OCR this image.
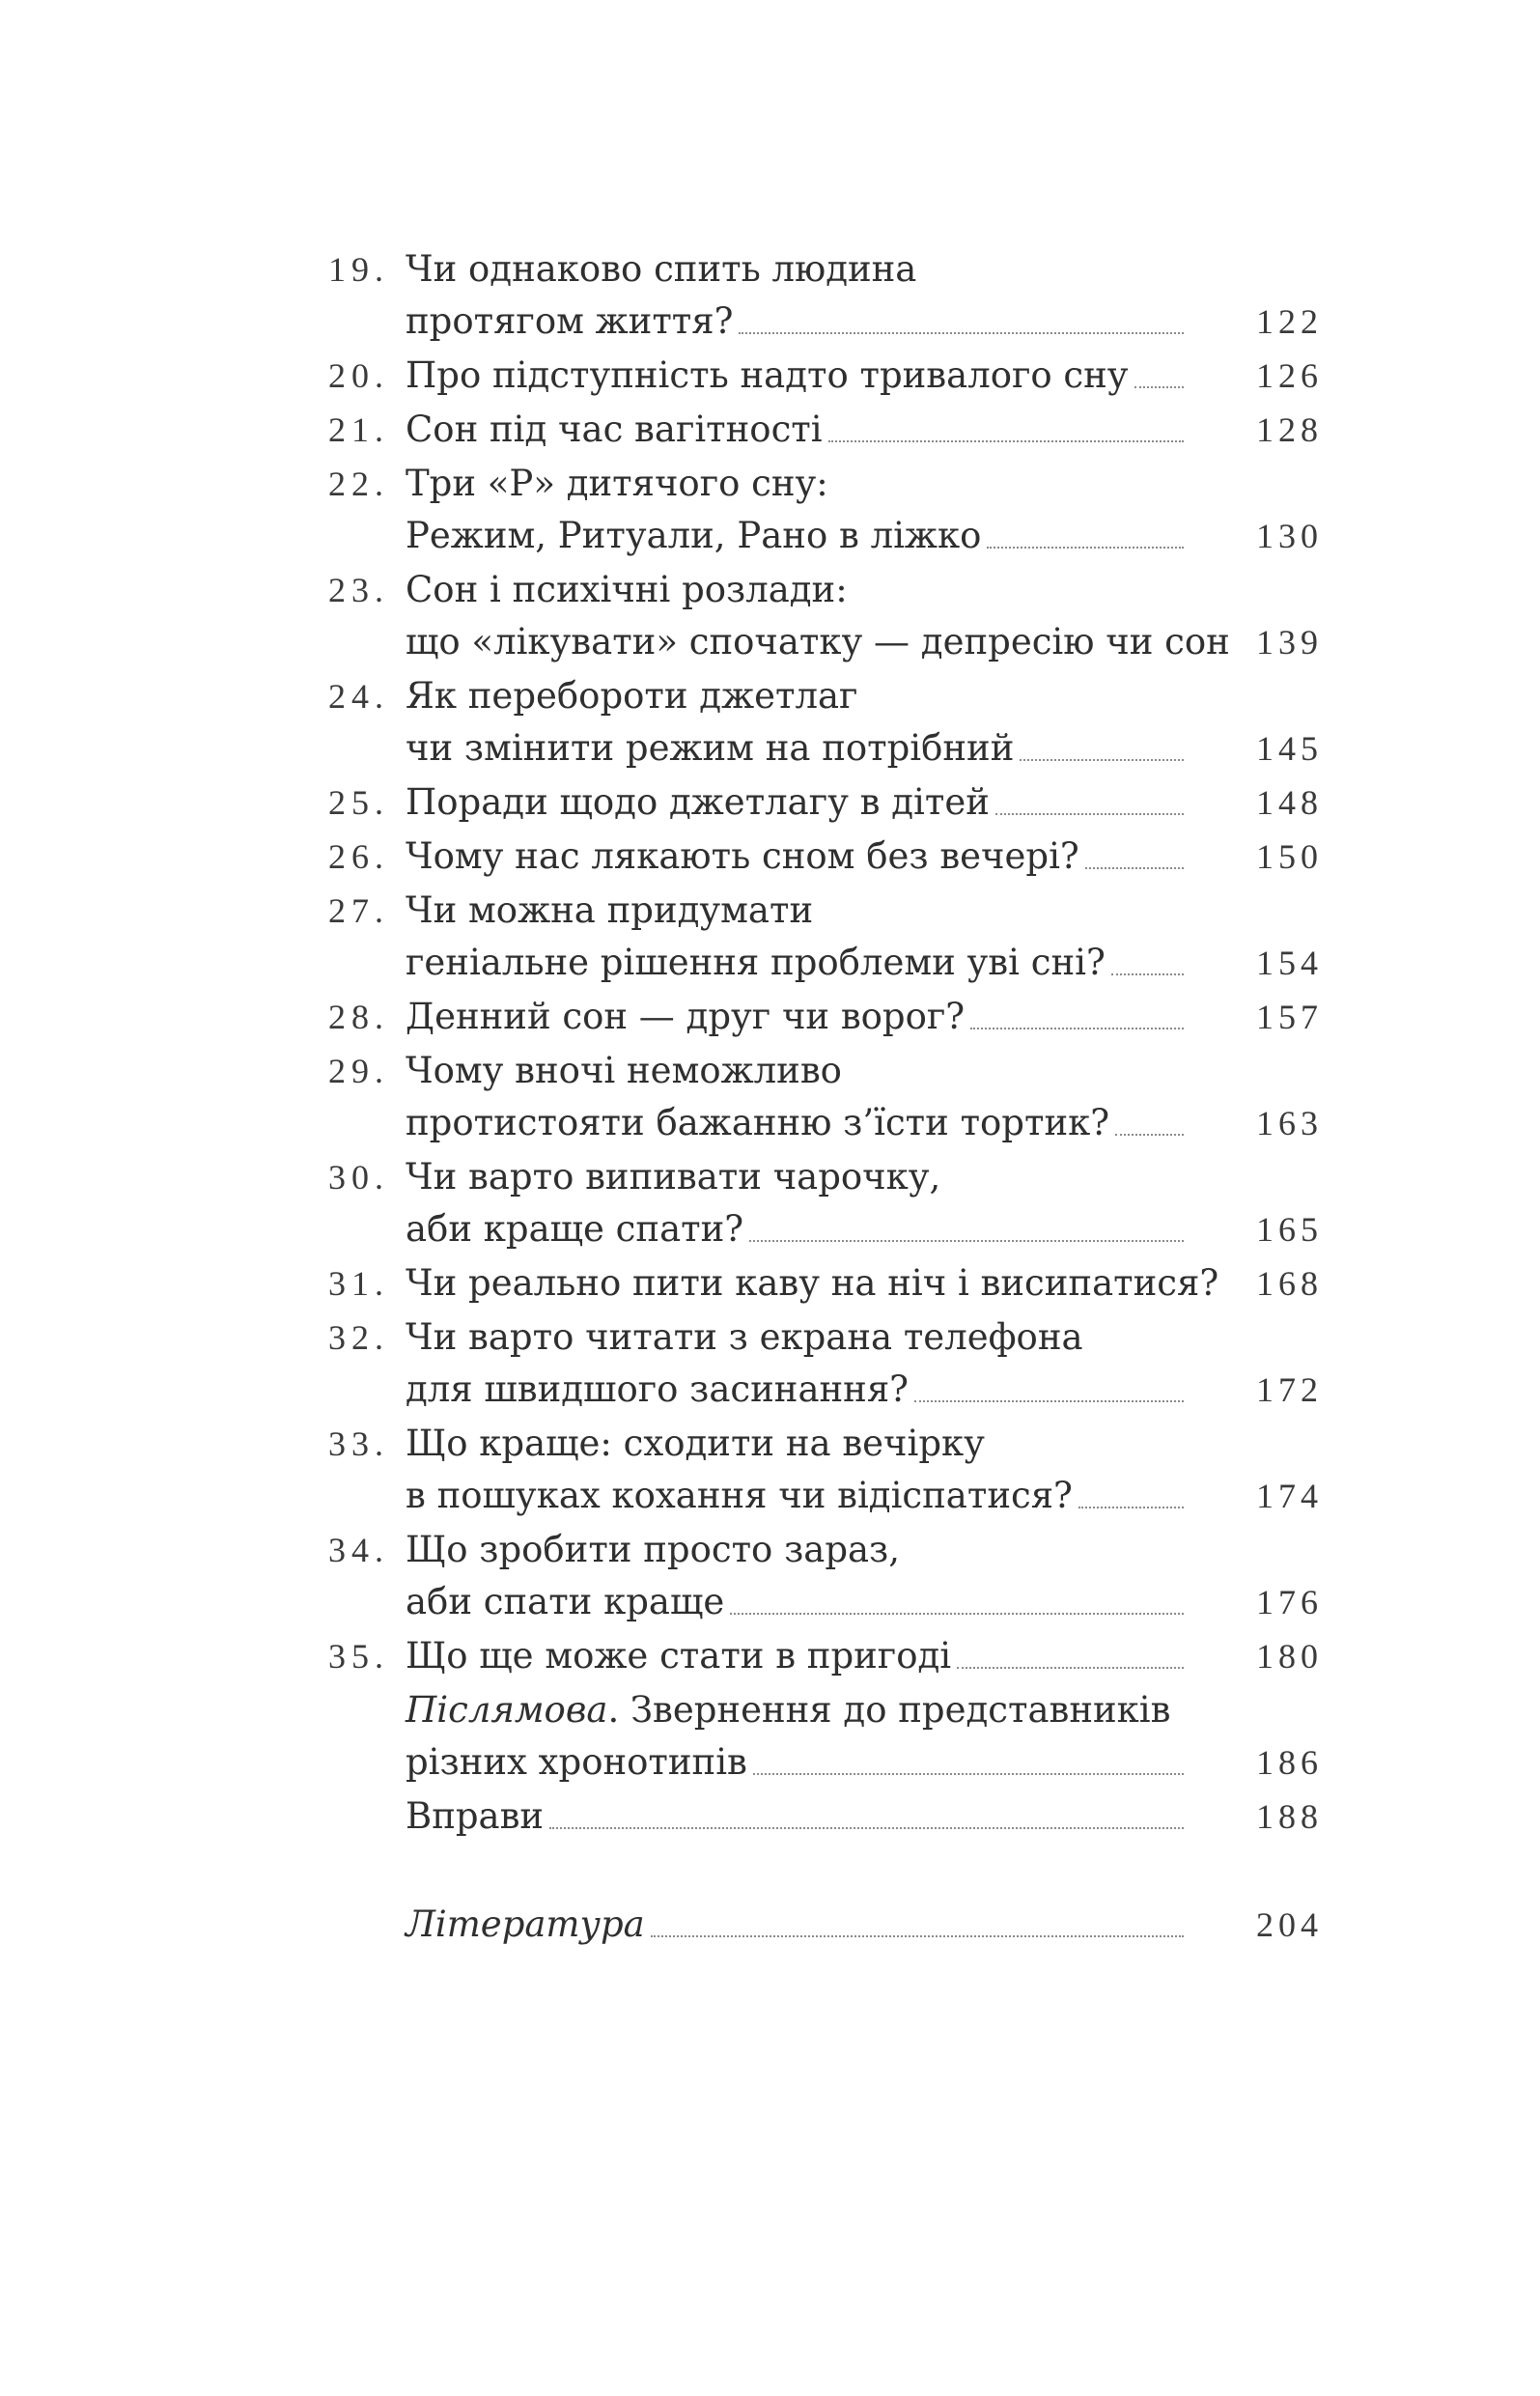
19. Чи однаково спить людина
протягом життя?	122
20. Про підступність надто тривалого сну	126
21. Сон під час вагітності	128
22. Три «Р» дитячого сну:
Режим, Ритуали, Рано в ліжко	130
23. Сон і психічні розлади:
що «лікувати» спочатку — депресію чи сон 139
24. Як перебороти джетлаг
чи змінити режим на потрібний	145
25. Поради щодо джетлагу в дітей	148
26. Чому нас лякають сном без вечері?	150
27. Чи можна придумати
геніальне рішення проблеми уві сні?	154
28. Денний сон — друг чи ворог?	157
29. Чому вночі неможливо
протистояти бажанню з’їсти тортик?	163
30. Чи варто випивати чарочку,
аби краще спати?	165
31. Чи реально пити каву на ніч і висипатися?	168
32. Чи варто читати з екрана телефона
для швидшого засинання?	172
33. Що краще: сходити на вечірку
в пошуках кохання чи відіспатися?	174
34. Що зробити просто зараз,
аби спати краще	176
35. Що ще може стати в пригоді	180
Післямова. Звернення до представників
різних хронотипів	186
Вправи	188
Література	204
